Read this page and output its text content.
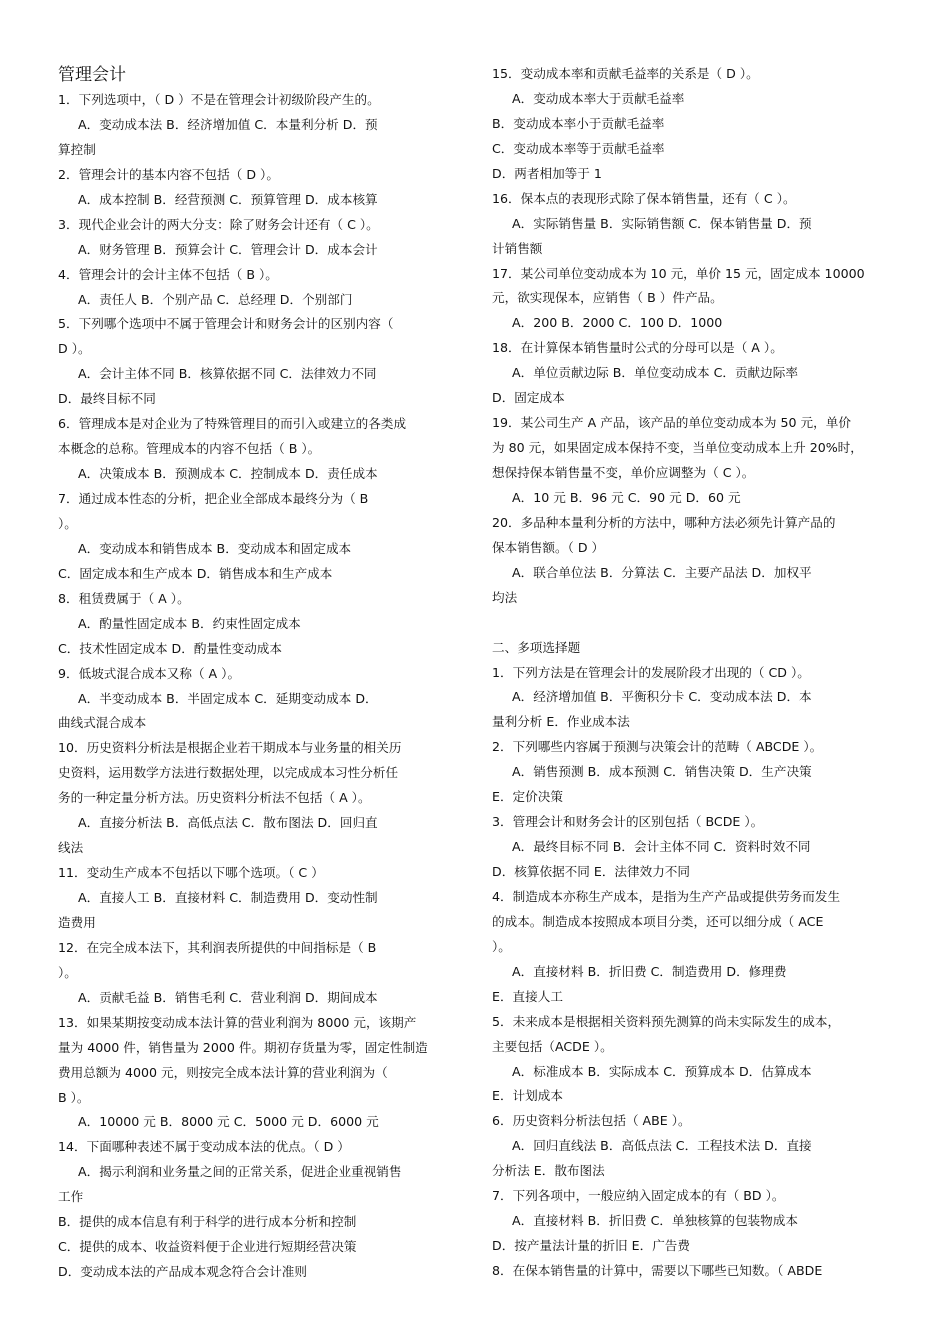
管理会计
1．下列选项中，（ D ）不是在管理会计初级阶段产生的。
A．变动成本法 B．经济增加值 C．本量利分析 D．预
算控制
2．管理会计的基本内容不包括（ D ）。
A．成本控制 B．经营预测 C．预算管理 D．成本核算
3．现代企业会计的两大分支：除了财务会计还有（ C ）。
A．财务管理 B．预算会计 C．管理会计 D．成本会计
4．管理会计的会计主体不包括（ B ）。
A．责任人 B．个别产品 C．总经理 D．个别部门
5．下列哪个选项中不属于管理会计和财务会计的区别内容（
D ）。
A．会计主体不同 B．核算依据不同 C．法律效力不同
D．最终目标不同
6．管理成本是对企业为了特殊管理目的而引入或建立的各类成
本概念的总称。管理成本的内容不包括（ B ）。
A．决策成本 B．预测成本 C．控制成本 D．责任成本
7．通过成本性态的分析，把企业全部成本最终分为（ B
）。
A．变动成本和销售成本 B．变动成本和固定成本
C．固定成本和生产成本 D．销售成本和生产成本
8．租赁费属于（ A ）。
A．酌量性固定成本 B．约束性固定成本
C．技术性固定成本 D．酌量性变动成本
9．低坡式混合成本又称（ A ）。
A．半变动成本 B．半固定成本 C．延期变动成本 D．
曲线式混合成本
10．历史资料分析法是根据企业若干期成本与业务量的相关历
史资料，运用数学方法进行数据处理，以完成成本习性分析任
务的一种定量分析方法。历史资料分析法不包括（ A ）。
A．直接分析法 B．高低点法 C．散布图法 D．回归直
线法
11．变动生产成本不包括以下哪个选项。（ C ）
A．直接人工 B．直接材料 C．制造费用 D．变动性制
造费用
12．在完全成本法下，其利润表所提供的中间指标是（ B
）。
A．贡献毛益 B．销售毛利 C．营业利润 D．期间成本
13．如果某期按变动成本法计算的营业利润为 8000 元，该期产
量为 4000 件，销售量为 2000 件。期初存货量为零，固定性制造
费用总额为 4000 元，则按完全成本法计算的营业利润为（
B ）。
A．10000 元 B．8000 元 C．5000 元 D．6000 元
14．下面哪种表述不属于变动成本法的优点。（ D ）
A．揭示利润和业务量之间的正常关系，促进企业重视销售
工作
B．提供的成本信息有利于科学的进行成本分析和控制
C．提供的成本、收益资料便于企业进行短期经营决策
D．变动成本法的产品成本观念符合会计准则
15．变动成本率和贡献毛益率的关系是（ D ）。
A．变动成本率大于贡献毛益率
B．变动成本率小于贡献毛益率
C．变动成本率等于贡献毛益率
D．两者相加等于 1
16．保本点的表现形式除了保本销售量，还有（ C ）。
A．实际销售量 B．实际销售额 C．保本销售量 D．预
计销售额
17．某公司单位变动成本为 10 元，单价 15 元，固定成本 10000
元，欲实现保本，应销售（ B ）件产品。
A．200 B．2000 C．100 D．1000
18．在计算保本销售量时公式的分母可以是（ A ）。
A．单位贡献边际 B．单位变动成本 C．贡献边际率
D．固定成本
19．某公司生产 A 产品，该产品的单位变动成本为 50 元，单价
为 80 元，如果固定成本保持不变，当单位变动成本上升 20%时，
想保持保本销售量不变，单价应调整为（ C ）。
A．10 元 B．96 元 C．90 元 D．60 元
20．多品种本量利分析的方法中，哪种方法必须先计算产品的
保本销售额。（ D ）
A．联合单位法 B．分算法 C．主要产品法 D．加权平
均法
二、多项选择题
1．下列方法是在管理会计的发展阶段才出现的（ CD ）。
A．经济增加值 B．平衡积分卡 C．变动成本法 D．本
量利分析 E．作业成本法
2．下列哪些内容属于预测与决策会计的范畴（ ABCDE ）。
A．销售预测 B．成本预测 C．销售决策 D．生产决策
E．定价决策
3．管理会计和财务会计的区别包括（ BCDE ）。
A．最终目标不同 B．会计主体不同 C．资料时效不同
D．核算依据不同 E．法律效力不同
4．制造成本亦称生产成本，是指为生产产品或提供劳务而发生
的成本。制造成本按照成本项目分类，还可以细分成（ ACE
）。
A．直接材料 B．折旧费 C．制造费用 D．修理费
E．直接人工
5．未来成本是根据相关资料预先测算的尚未实际发生的成本，
主要包括（ACDE ）。
A．标准成本 B．实际成本 C．预算成本 D．估算成本
E．计划成本
6．历史资料分析法包括（ ABE ）。
A．回归直线法 B．高低点法 C．工程技术法 D．直接
分析法 E．散布图法
7．下列各项中，一般应纳入固定成本的有（ BD ）。
A．直接材料 B．折旧费 C．单独核算的包装物成本
D．按产量法计量的折旧 E．广告费
8．在保本销售量的计算中，需要以下哪些已知数。（ ABDE
